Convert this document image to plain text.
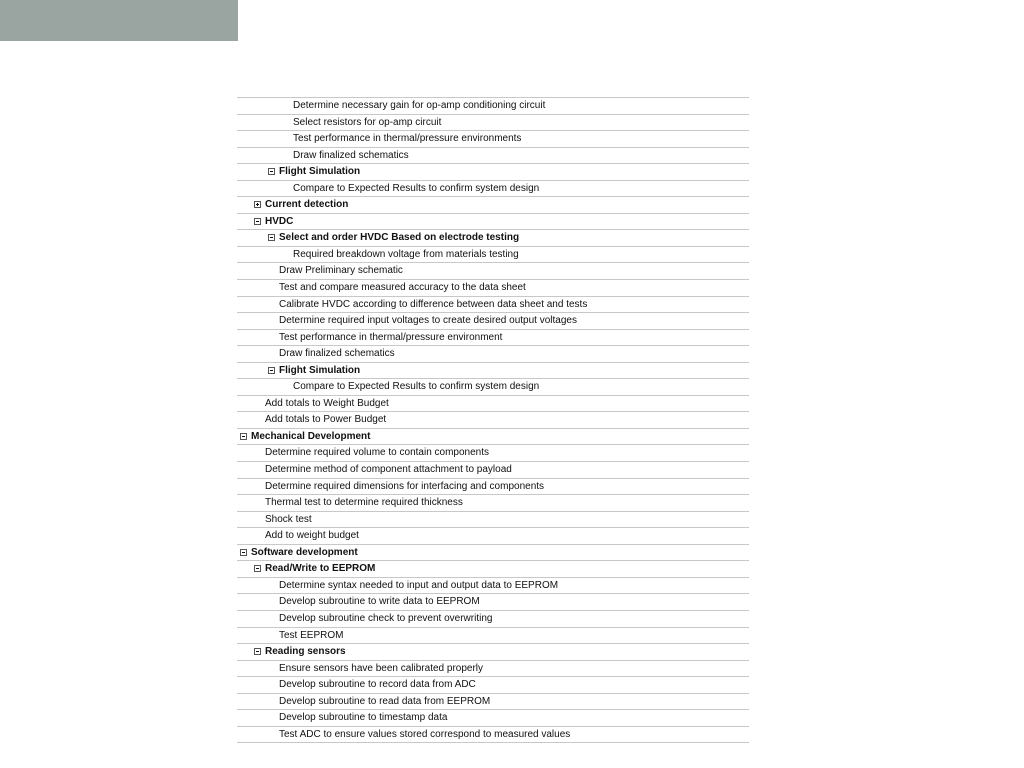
Determine necessary gain for op-amp conditioning circuit
Select resistors for op-amp circuit
Test performance in thermal/pressure environments
Draw finalized schematics
Flight Simulation
Compare to Expected Results to confirm system design
Current detection
HVDC
Select and order HVDC Based on electrode testing
Required breakdown voltage from materials testing
Draw Preliminary schematic
Test and compare measured accuracy to the data sheet
Calibrate HVDC according to difference between data sheet and tests
Determine required input voltages to create desired output voltages
Test performance in thermal/pressure environment
Draw finalized schematics
Flight Simulation
Compare to Expected Results to confirm system design
Add totals to Weight Budget
Add totals to Power Budget
Mechanical Development
Determine required volume to contain components
Determine method of component attachment to payload
Determine required dimensions for interfacing and components
Thermal test to determine required thickness
Shock test
Add to weight budget
Software development
Read/Write to EEPROM
Determine syntax needed to input and output data to EEPROM
Develop subroutine to write data to EEPROM
Develop subroutine check to prevent overwriting
Test EEPROM
Reading sensors
Ensure sensors have been calibrated properly
Develop subroutine to record data from ADC
Develop subroutine to read data from EEPROM
Develop subroutine to timestamp data
Test ADC to ensure values stored correspond to measured values
